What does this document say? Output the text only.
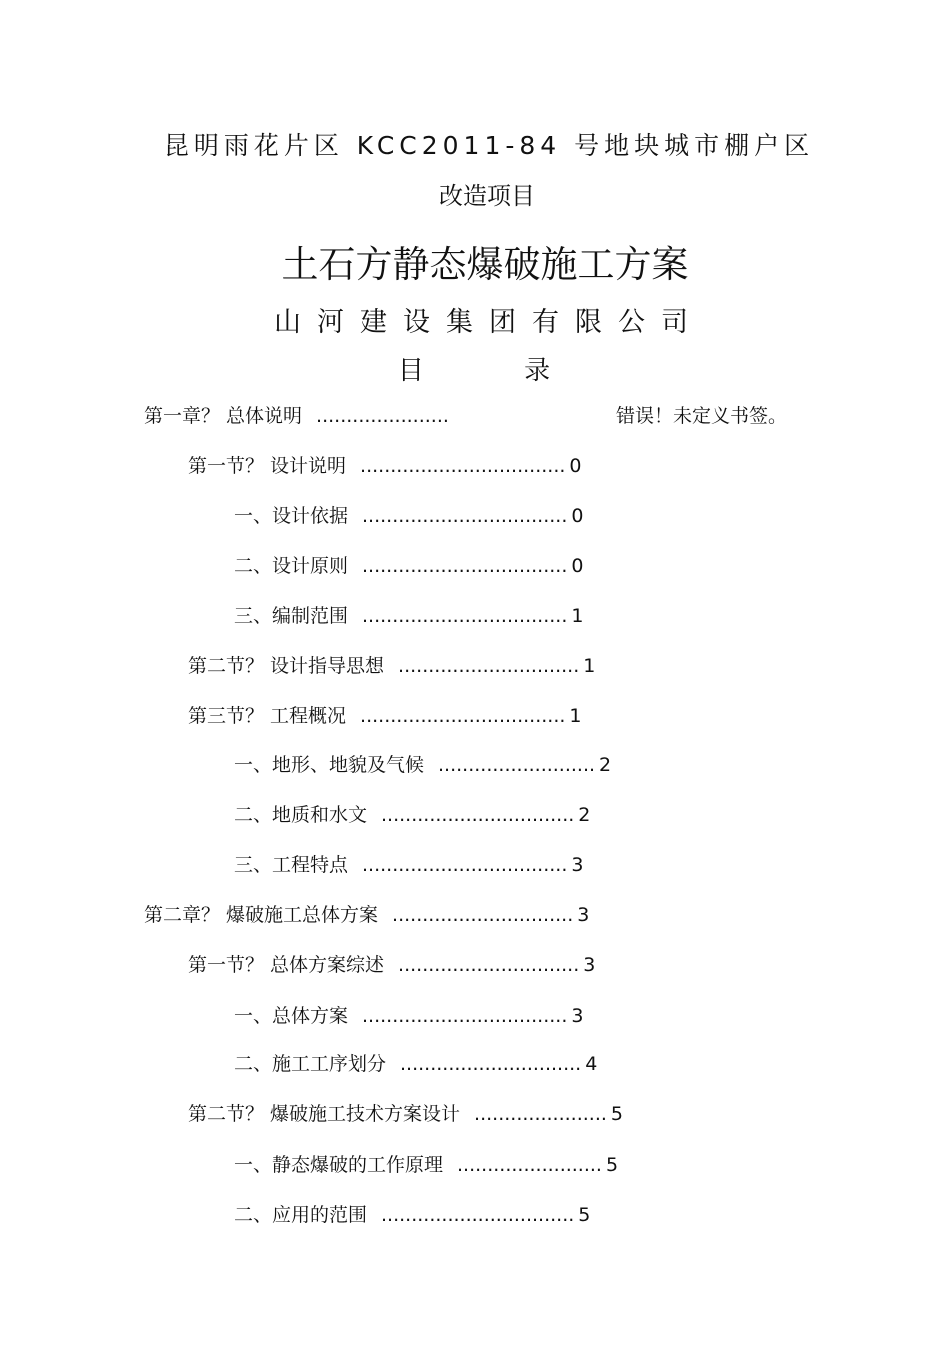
昆明雨花片区 KCC2011-84 号地块城市棚户区
改造项目
土石方静态爆破施工方案
山河建设集团有限公司
目 录
第一章？ 总体说明 ......................	错误！未定义书签。
第一节？ 设计说明 .................................. 0
一、设计依据 .................................. 0
二、设计原则 .................................. 0
三、编制范围 .................................. 1
第二节？ 设计指导思想 .............................. 1
第三节？ 工程概况 .................................. 1
一、地形、地貌及气候 .......................... 2
二、地质和水文 ................................ 2
三、工程特点 .................................. 3
第二章？ 爆破施工总体方案 .............................. 3
第一节？ 总体方案综述 .............................. 3
一、总体方案 .................................. 3
二、施工工序划分 .............................. 4
第二节？ 爆破施工技术方案设计 ...................... 5
一、静态爆破的工作原理 ........................ 5
二、应用的范围 ................................ 5
